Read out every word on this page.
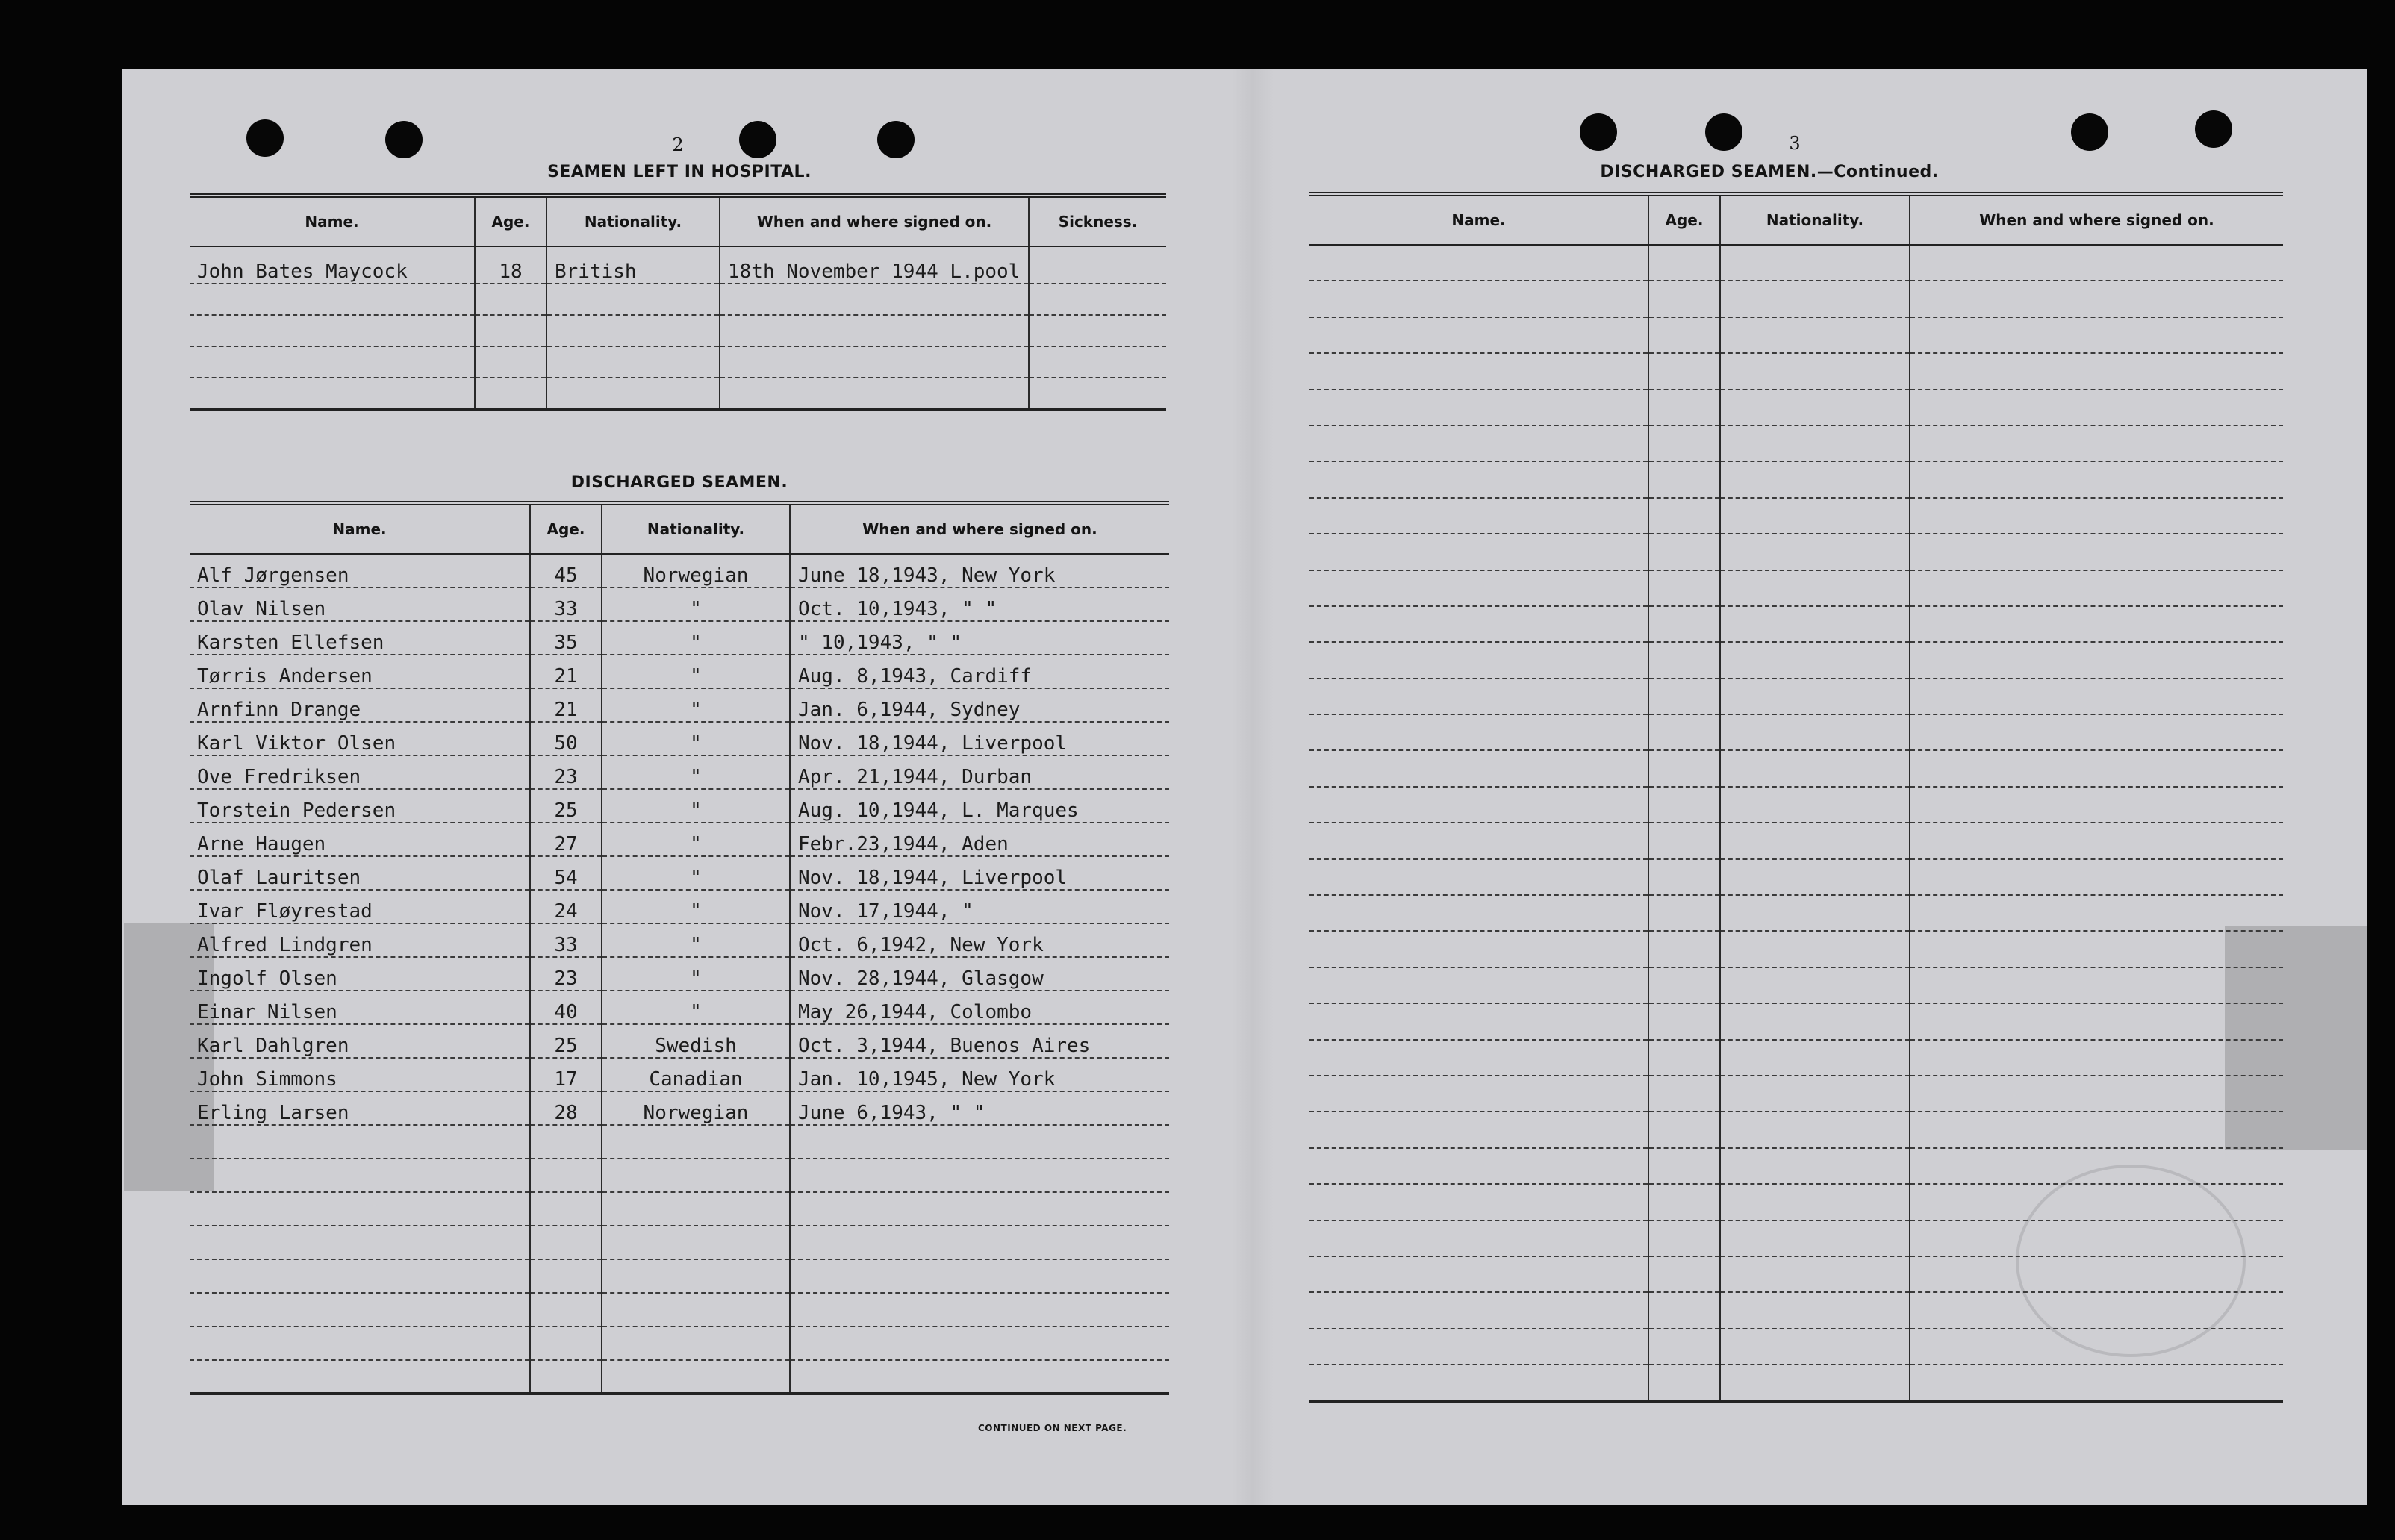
2
SEAMEN LEFT IN HOSPITAL.
Name.	Age.	Nationality.	When and where signed on.	Sickness.
John Bates Maycock	18	British	18th November 1944 L.pool	

DISCHARGED SEAMEN.
Name.	Age.	Nationality.	When and where signed on.
Alf Jørgensen	45	Norwegian	June 18,1943, New York
Olav Nilsen	33	"	Oct. 10,1943, " "
Karsten Ellefsen	35	"	" 10,1943, " "
Tørris Andersen	21	"	Aug. 8,1943, Cardiff
Arnfinn Drange	21	"	Jan. 6,1944, Sydney
Karl Viktor Olsen	50	"	Nov. 18,1944, Liverpool
Ove Fredriksen	23	"	Apr. 21,1944, Durban
Torstein Pedersen	25	"	Aug. 10,1944, L. Marques
Arne Haugen	27	"	Febr.23,1944, Aden
Olaf Lauritsen	54	"	Nov. 18,1944, Liverpool
Ivar Fløyrestad	24	"	Nov. 17,1944, "
Alfred Lindgren	33	"	Oct. 6,1942, New York
Ingolf Olsen	23	"	Nov. 28,1944, Glasgow
Einar Nilsen	40	"	May 26,1944, Colombo
Karl Dahlgren	25	Swedish	Oct. 3,1944, Buenos Aires
John Simmons	17	Canadian	Jan. 10,1945, New York
Erling Larsen	28	Norwegian	June 6,1943, " "

CONTINUED ON NEXT PAGE.
3
DISCHARGED SEAMEN.—Continued.
Name.	Age.	Nationality.	When and where signed on.
